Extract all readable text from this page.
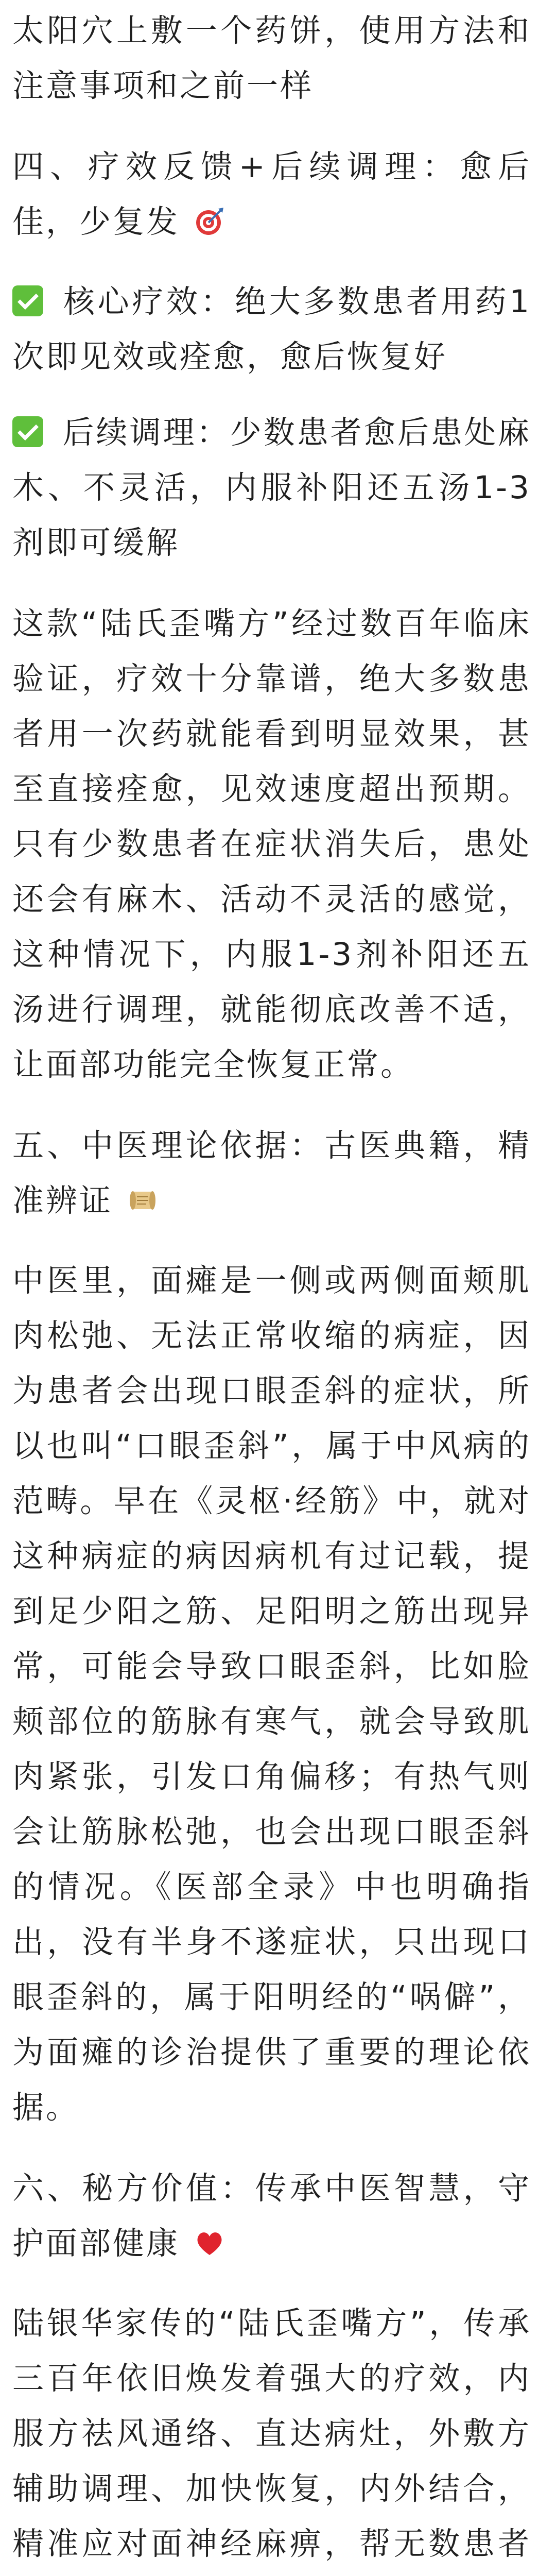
太阳穴上敷一个药饼，使用方法和注意事项和之前一样

四、疗效反馈+后续调理：愈后佳，少复发

核心疗效：绝大多数患者用药1次即见效或痊愈，愈后恢复好

后续调理：少数患者愈后患处麻木、不灵活，内服补阳还五汤1-3剂即可缓解

这款“陆氏歪嘴方”经过数百年临床验证，疗效十分靠谱，绝大多数患者用一次药就能看到明显效果，甚至直接痊愈，见效速度超出预期。只有少数患者在症状消失后，患处还会有麻木、活动不灵活的感觉，这种情况下，内服1-3剂补阳还五汤进行调理，就能彻底改善不适，让面部功能完全恢复正常。

五、中医理论依据：古医典籍，精准辨证

中医里，面瘫是一侧或两侧面颊肌肉松弛、无法正常收缩的病症，因为患者会出现口眼歪斜的症状，所以也叫“口眼歪斜”，属于中风病的范畴。早在《灵枢·经筋》中，就对这种病症的病因病机有过记载，提到足少阳之筋、足阳明之筋出现异常，可能会导致口眼歪斜，比如脸颊部位的筋脉有寒气，就会导致肌肉紧张，引发口角偏移；有热气则会让筋脉松弛，也会出现口眼歪斜的情况。《医部全录》中也明确指出，没有半身不遂症状，只出现口眼歪斜的，属于阳明经的“㖞僻”，为面瘫的诊治提供了重要的理论依据。

六、秘方价值：传承中医智慧，守护面部健康

陆银华家传的“陆氏歪嘴方”，传承三百年依旧焕发着强大的疗效，内服方祛风通络、直达病灶，外敷方辅助调理、加快恢复，内外结合，精准应对面神经麻痹，帮无数患者
